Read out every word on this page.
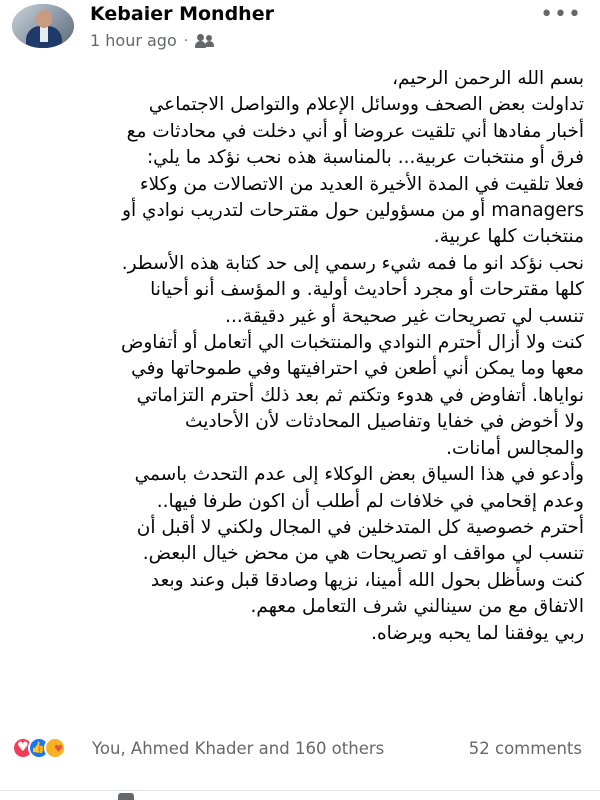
Kebaier Mondher
1 hour ago ·
•••

بسم الله الرحمن الرحيم،

تداولت بعض الصحف ووسائل الإعلام والتواصل الاجتماعي

أخبار مفادها أني تلقيت عروضا أو أني دخلت في محادثات مع

فرق أو منتخبات عربية... بالمناسبة هذه نحب نؤكد ما يلي:

فعلا تلقيت في المدة الأخيرة العديد من الاتصالات من وكلاء

managers أو من مسؤولين حول مقترحات لتدريب نوادي أو

منتخبات كلها عربية.

نحب نؤكد انو ما فمه شيء رسمي إلى حد كتابة هذه الأسطر.

كلها مقترحات أو مجرد أحاديث أولية. و المؤسف أنو أحيانا

تنسب لي تصريحات غير صحيحة أو غير دقيقة...

كنت ولا أزال أحترم النوادي والمنتخبات الي أتعامل أو أتفاوض

معها وما يمكن أني أطعن في احترافيتها وفي طموحاتها وفي

نواياها. أتفاوض في هدوء وتكتم ثم بعد ذلك أحترم التزاماتي

ولا أخوض في خفايا وتفاصيل المحادثات لأن الأحاديث

والمجالس أمانات.

وأدعو في هذا السياق بعض الوكلاء إلى عدم التحدث باسمي

وعدم إقحامي في خلافات لم أطلب أن اكون طرفا فيها..

أحترم خصوصية كل المتدخلين في المجال ولكني لا أقبل أن

تنسب لي مواقف او تصريحات هي من محض خيال البعض.

كنت وسأظل بحول الله أمينا، نزيها وصادقا قبل وعند وبعد

الاتفاق مع من سينالني شرف التعامل معهم.

ربي يوفقنا لما يحبه ويرضاه.

♥
👍
♥
You, Ahmed Khader and 160 others	52 comments
